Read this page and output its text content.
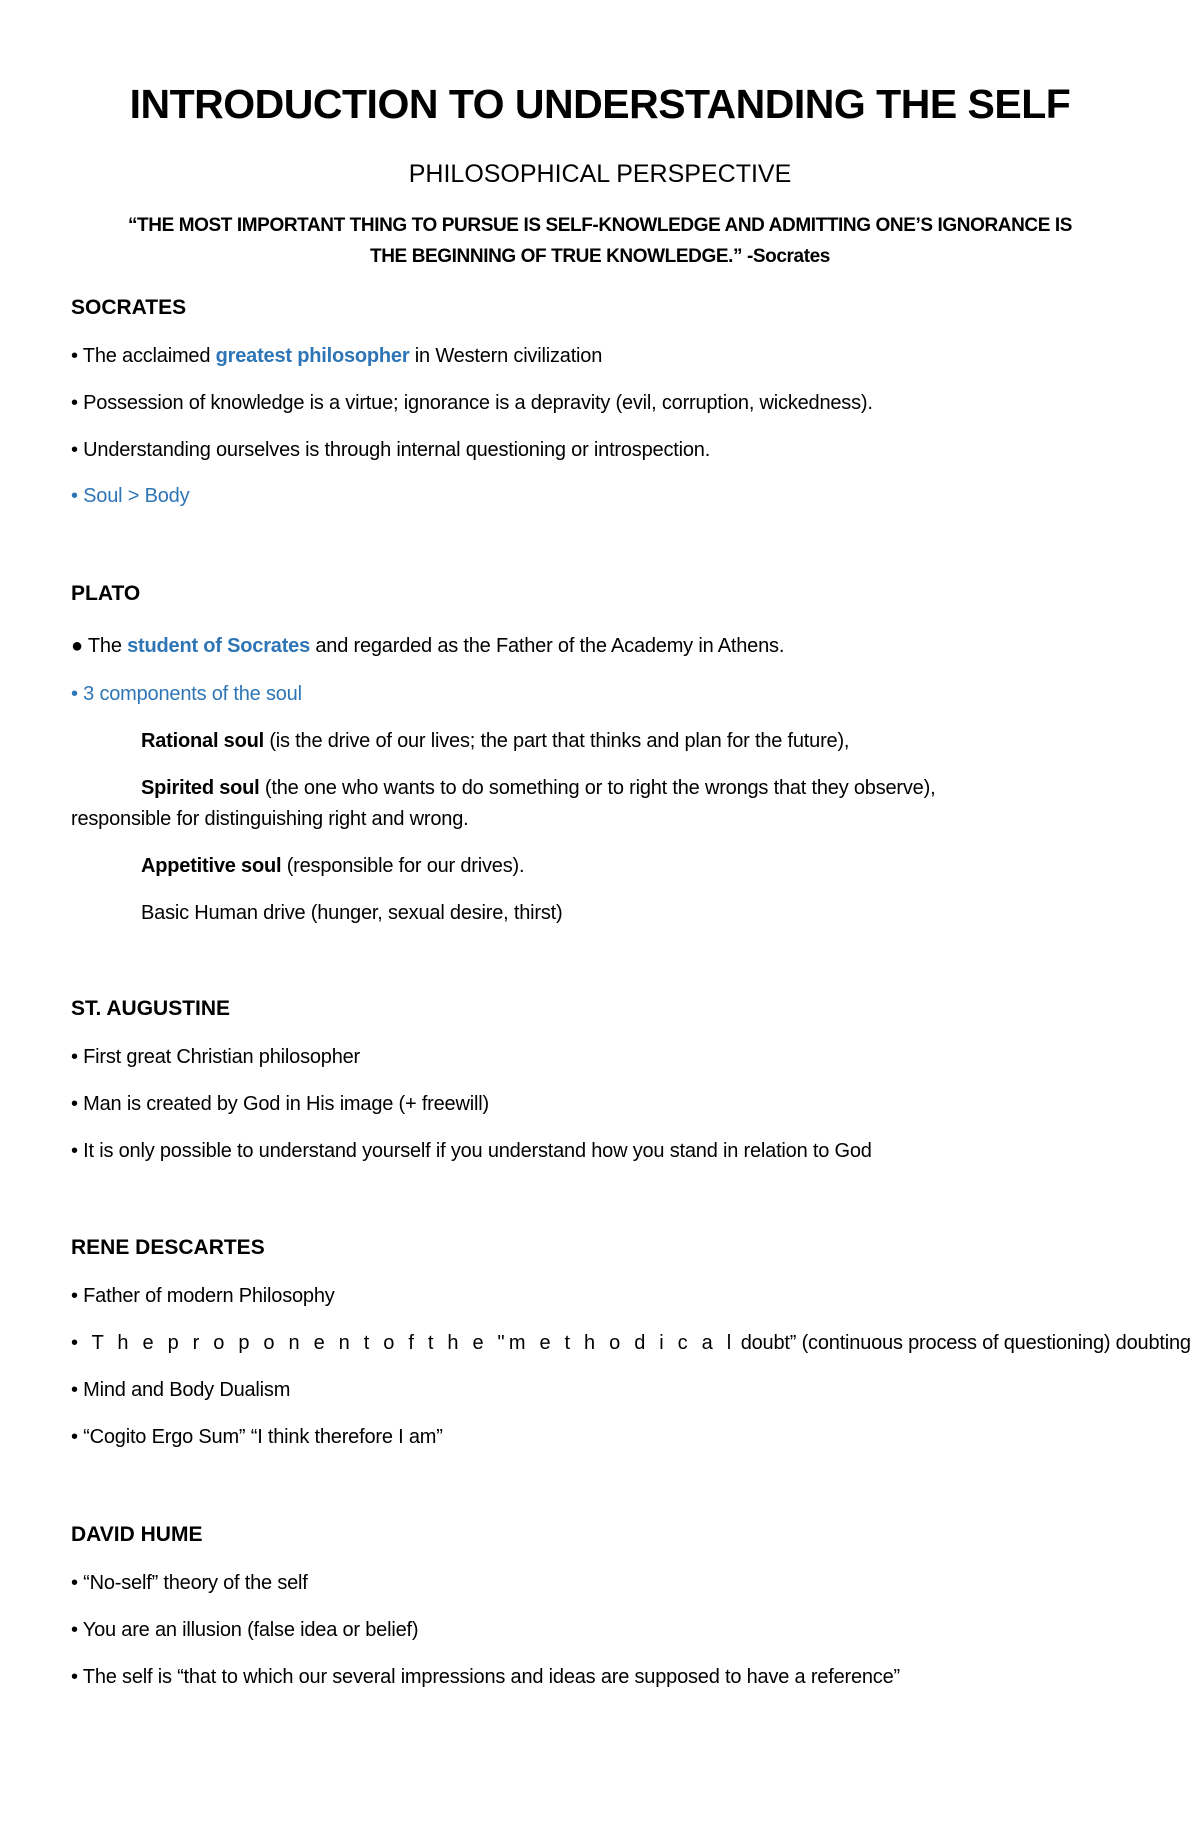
INTRODUCTION TO UNDERSTANDING THE SELF
PHILOSOPHICAL PERSPECTIVE
“THE MOST IMPORTANT THING TO PURSUE IS SELF-KNOWLEDGE AND ADMITTING ONE’S IGNORANCE IS
THE BEGINNING OF TRUE KNOWLEDGE.” -Socrates
SOCRATES
• The acclaimed greatest philosopher in Western civilization
• Possession of knowledge is a virtue; ignorance is a depravity (evil, corruption, wickedness).
• Understanding ourselves is through internal questioning or introspection.
• Soul > Body
PLATO
● The student of Socrates and regarded as the Father of the Academy in Athens.
• 3 components of the soul
Rational soul (is the drive of our lives; the part that thinks and plan for the future),
Spirited soul (the one who wants to do something or to right the wrongs that they observe),
responsible for distinguishing right and wrong.
Appetitive soul (responsible for our drives).
Basic Human drive (hunger, sexual desire, thirst)
ST. AUGUSTINE
• First great Christian philosopher
• Man is created by God in His image (+ freewill)
• It is only possible to understand yourself if you understand how you stand in relation to God
RENE DESCARTES
• Father of modern Philosophy
• T h e p r o p o n e n t o f t h e "m e t h o d i c a l doubt” (continuous process of questioning) doubting
• Mind and Body Dualism
• “Cogito Ergo Sum” “I think therefore I am”
DAVID HUME
• “No-self” theory of the self
• You are an illusion (false idea or belief)
• The self is “that to which our several impressions and ideas are supposed to have a reference”
